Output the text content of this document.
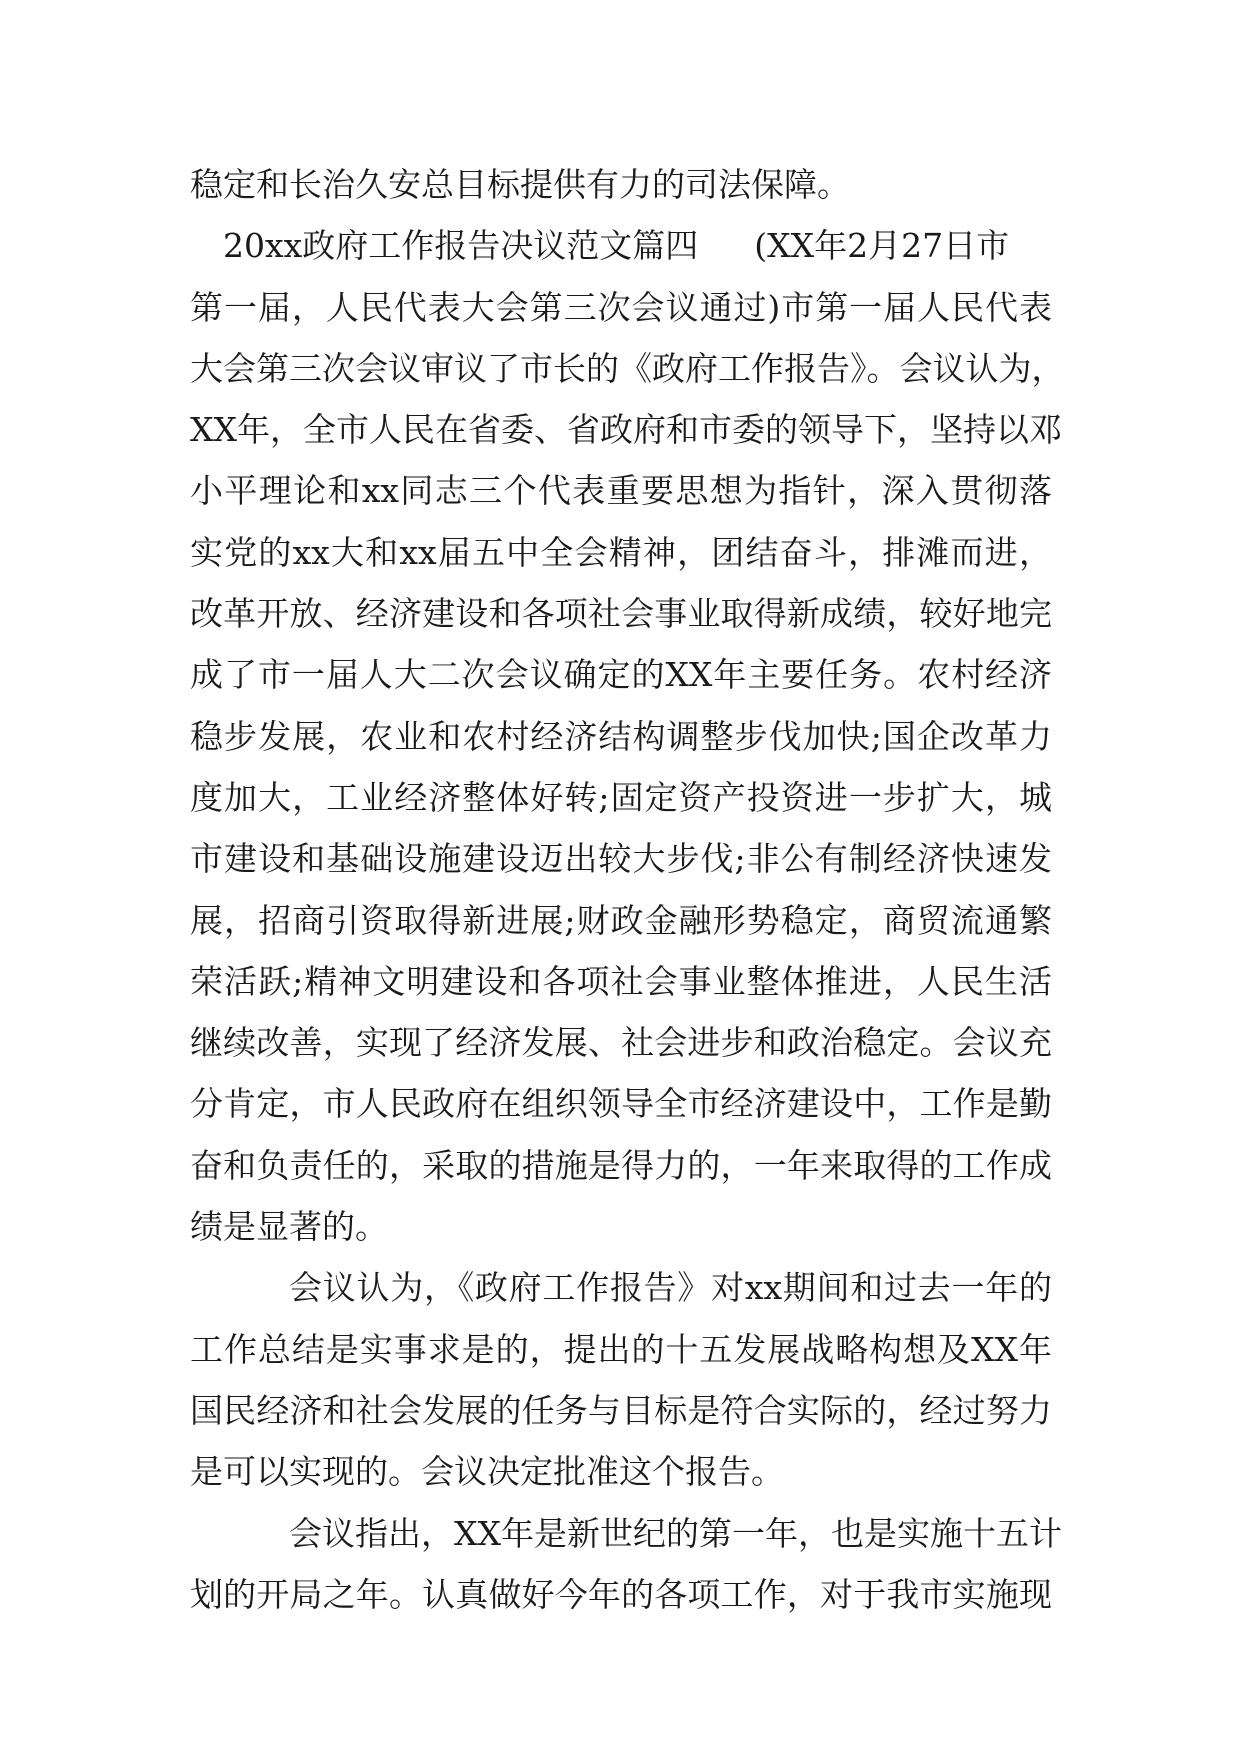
稳定和长治久安总目标提供有力的司法保障。
20xx政府工作报告决议范文篇四 (XX年2月27日市
第一届，人民代表大会第三次会议通过)市第一届人民代表
大会第三次会议审议了市长的《政府工作报告》。会议认为，
XX年，全市人民在省委、省政府和市委的领导下，坚持以邓
小平理论和xx同志三个代表重要思想为指针，深入贯彻落
实党的xx大和xx届五中全会精神，团结奋斗，排滩而进，
改革开放、经济建设和各项社会事业取得新成绩，较好地完
成了市一届人大二次会议确定的XX年主要任务。农村经济
稳步发展，农业和农村经济结构调整步伐加快;国企改革力
度加大，工业经济整体好转;固定资产投资进一步扩大，城
市建设和基础设施建设迈出较大步伐;非公有制经济快速发
展，招商引资取得新进展;财政金融形势稳定，商贸流通繁
荣活跃;精神文明建设和各项社会事业整体推进，人民生活
继续改善，实现了经济发展、社会进步和政治稳定。会议充
分肯定，市人民政府在组织领导全市经济建设中，工作是勤
奋和负责任的，采取的措施是得力的，一年来取得的工作成
绩是显著的。
会议认为，《政府工作报告》对xx期间和过去一年的
工作总结是实事求是的，提出的十五发展战略构想及XX年
国民经济和社会发展的任务与目标是符合实际的，经过努力
是可以实现的。会议决定批准这个报告。
会议指出，XX年是新世纪的第一年，也是实施十五计
划的开局之年。认真做好今年的各项工作，对于我市实施现
